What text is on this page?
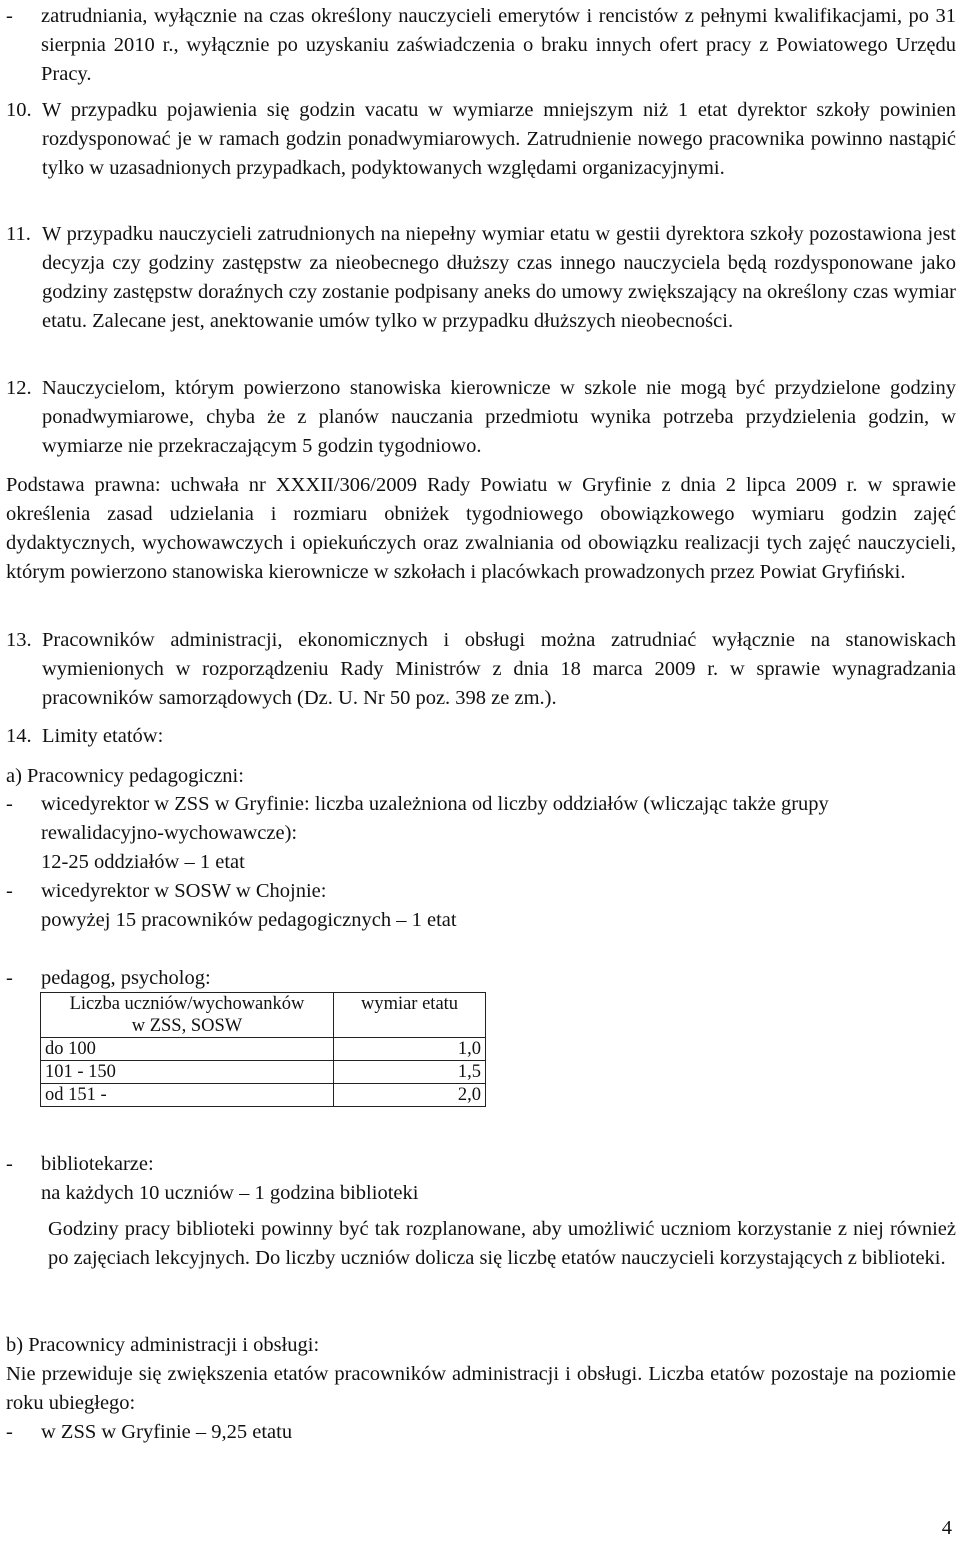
-	zatrudniania, wyłącznie na czas określony nauczycieli emerytów i rencistów z pełnymi kwalifikacjami, po 31 sierpnia 2010 r., wyłącznie po uzyskaniu zaświadczenia o braku innych ofert pracy z Powiatowego Urzędu Pracy.
10. W przypadku pojawienia się godzin vacatu w wymiarze mniejszym niż 1 etat dyrektor szkoły powinien rozdysponować je w ramach godzin ponadwymiarowych. Zatrudnienie nowego pracownika powinno nastąpić tylko w uzasadnionych przypadkach, podyktowanych względami organizacyjnymi.
11. W przypadku nauczycieli zatrudnionych na niepełny wymiar etatu w gestii dyrektora szkoły pozostawiona jest decyzja czy godziny zastępstw za nieobecnego dłuższy czas innego nauczyciela będą rozdysponowane jako godziny zastępstw doraźnych czy zostanie podpisany aneks do umowy zwiększający na określony czas wymiar etatu. Zalecane jest, anektowanie umów tylko w przypadku dłuższych nieobecności.
12. Nauczycielom, którym powierzono stanowiska kierownicze w szkole nie mogą być przydzielone godziny ponadwymiarowe, chyba że z planów nauczania przedmiotu wynika potrzeba przydzielenia godzin, w wymiarze nie przekraczającym 5 godzin tygodniowo.
Podstawa prawna: uchwała nr XXXII/306/2009 Rady Powiatu w Gryfinie z dnia 2 lipca 2009 r. w sprawie określenia zasad udzielania i rozmiaru obniżek tygodniowego obowiązkowego wymiaru godzin zajęć dydaktycznych, wychowawczych i opiekuńczych oraz zwalniania od obowiązku realizacji tych zajęć nauczycieli, którym powierzono stanowiska kierownicze w szkołach i placówkach prowadzonych przez Powiat Gryfiński.
13. Pracowników administracji, ekonomicznych i obsługi można zatrudniać wyłącznie na stanowiskach wymienionych w rozporządzeniu Rady Ministrów z dnia 18 marca 2009 r. w sprawie wynagradzania pracowników samorządowych (Dz. U. Nr 50 poz. 398 ze zm.).
14. Limity etatów:
a) Pracownicy pedagogiczni:
-	wicedyrektor w ZSS w Gryfinie: liczba uzależniona od liczby oddziałów (wliczając także grupy rewalidacyjno-wychowawcze):
12-25 oddziałów – 1 etat
-	wicedyrektor w SOSW w Chojnie:
powyżej 15 pracowników pedagogicznych – 1 etat
-	pedagog, psycholog:
Liczba uczniów/wychowanków
w ZSS, SOSW	wymiar etatu
do 100	1,0
101 - 150	1,5
od 151 -	2,0
-	bibliotekarze:
na każdych 10 uczniów – 1 godzina biblioteki
Godziny pracy biblioteki powinny być tak rozplanowane, aby umożliwić uczniom korzystanie z niej również po zajęciach lekcyjnych. Do liczby uczniów dolicza się liczbę etatów nauczycieli korzystających z biblioteki.
b) Pracownicy administracji i obsługi:
Nie przewiduje się zwiększenia etatów pracowników administracji i obsługi. Liczba etatów pozostaje na poziomie roku ubiegłego:
-	w ZSS w Gryfinie – 9,25 etatu
4
